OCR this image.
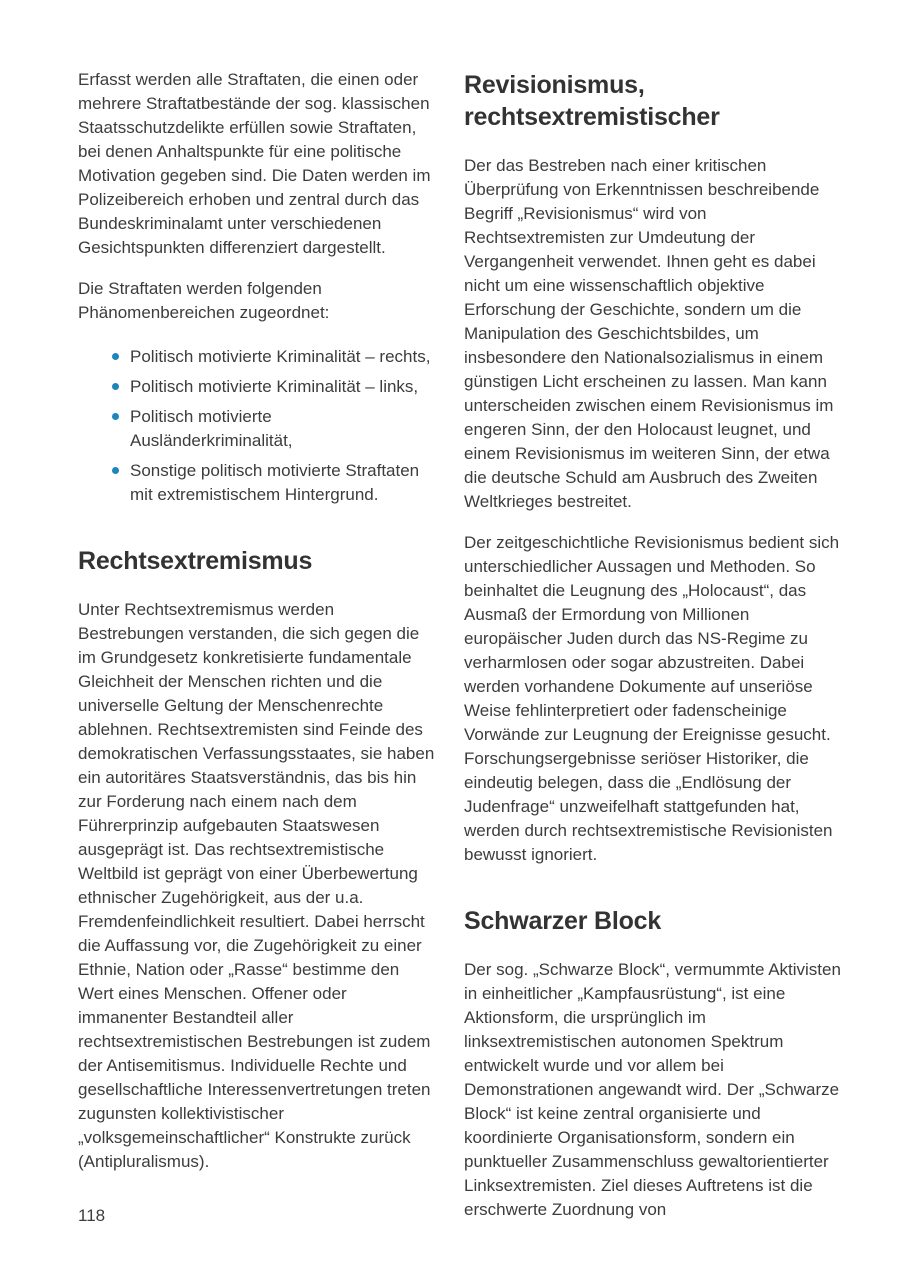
Erfasst werden alle Straftaten, die einen oder mehrere Straftatbestände der sog. klassischen Staatsschutzdelikte erfüllen sowie Straftaten, bei denen Anhaltspunkte für eine politische Motivation gegeben sind. Die Daten werden im Polizeibereich erhoben und zentral durch das Bundeskriminalamt unter verschiedenen Gesichtspunkten differenziert dargestellt.

Die Straftaten werden folgenden Phänomenbereichen zugeordnet:

Politisch motivierte Kriminalität – rechts,
Politisch motivierte Kriminalität – links,
Politisch motivierte Ausländerkriminalität,
Sonstige politisch motivierte Straftaten mit extremistischem Hintergrund.
Rechtsextremismus

Unter Rechtsextremismus werden Bestrebungen verstanden, die sich gegen die im Grundgesetz konkretisierte fundamentale Gleichheit der Menschen richten und die universelle Geltung der Menschenrechte ablehnen. Rechtsextremisten sind Feinde des demokratischen Verfassungsstaates, sie haben ein autoritäres Staatsverständnis, das bis hin zur Forderung nach einem nach dem Führerprinzip aufgebauten Staatswesen ausgeprägt ist. Das rechtsextremistische Weltbild ist geprägt von einer Überbewertung ethnischer Zugehörigkeit, aus der u.a. Fremdenfeindlichkeit resultiert. Dabei herrscht die Auffassung vor, die Zugehörigkeit zu einer Ethnie, Nation oder „Rasse“ bestimme den Wert eines Menschen. Offener oder immanenter Bestandteil aller rechtsextremistischen Bestrebungen ist zudem der Antisemitismus. Individuelle Rechte und gesellschaftliche Interessenvertretungen treten zugunsten kollektivistischer „volksgemeinschaftlicher“ Konstrukte zurück (Antipluralismus).

Revisionismus, rechtsextremistischer

Der das Bestreben nach einer kritischen Überprüfung von Erkenntnissen beschreibende Begriff „Revisionismus“ wird von Rechtsextremisten zur Umdeutung der Vergangenheit verwendet. Ihnen geht es dabei nicht um eine wissenschaftlich objektive Erforschung der Geschichte, sondern um die Manipulation des Geschichtsbildes, um insbesondere den Nationalsozialismus in einem günstigen Licht erscheinen zu lassen. Man kann unterscheiden zwischen einem Revisionismus im engeren Sinn, der den Holocaust leugnet, und einem Revisionismus im weiteren Sinn, der etwa die deutsche Schuld am Ausbruch des Zweiten Weltkrieges bestreitet.

Der zeitgeschichtliche Revisionismus bedient sich unterschiedlicher Aussagen und Methoden. So beinhaltet die Leugnung des „Holocaust“, das Ausmaß der Ermordung von Millionen europäischer Juden durch das NS-Regime zu verharmlosen oder sogar abzustreiten. Dabei werden vorhandene Dokumente auf unseriöse Weise fehlinterpretiert oder fadenscheinige Vorwände zur Leugnung der Ereignisse gesucht. Forschungsergebnisse seriöser Historiker, die eindeutig belegen, dass die „Endlösung der Judenfrage“ unzweifelhaft stattgefunden hat, werden durch rechtsextremistische Revisionisten bewusst ignoriert.

Schwarzer Block

Der sog. „Schwarze Block“, vermummte Aktivisten in einheitlicher „Kampfausrüstung“, ist eine Aktionsform, die ursprünglich im linksextremistischen autonomen Spektrum entwickelt wurde und vor allem bei Demonstrationen angewandt wird. Der „Schwarze Block“ ist keine zentral organisierte und koordinierte Organisationsform, sondern ein punktueller Zusammenschluss gewaltorientierter Linksextremisten. Ziel dieses Auftretens ist die erschwerte Zuordnung von

118
